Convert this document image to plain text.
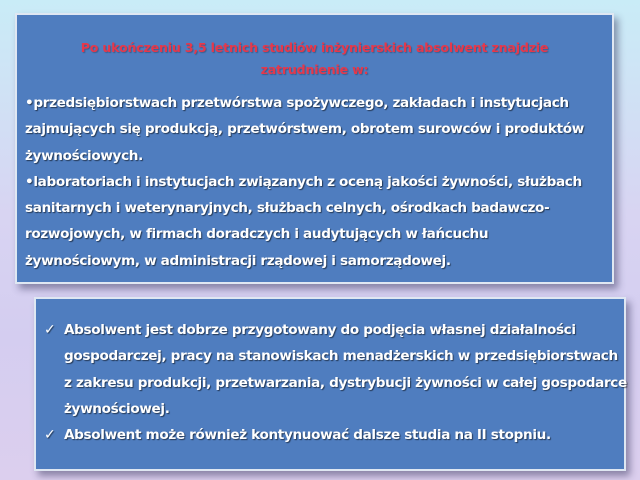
Po ukończeniu 3,5 letnich studiów inżynierskich absolwent znajdzie
zatrudnienie w:
•przedsiębiorstwach przetwórstwa spożywczego, zakładach i instytucjach
zajmujących się produkcją, przetwórstwem, obrotem surowców i produktów
żywnościowych.
•laboratoriach i instytucjach związanych z oceną jakości żywności, służbach
sanitarnych i weterynaryjnych, służbach celnych, ośrodkach badawczo-
rozwojowych, w firmach doradczych i audytujących w łańcuchu
żywnościowym, w administracji rządowej i samorządowej.
✓ Absolwent jest dobrze przygotowany do podjęcia własnej działalności
gospodarczej, pracy na stanowiskach menadżerskich w przedsiębiorstwach
z zakresu produkcji, przetwarzania, dystrybucji żywności w całej gospodarce
żywnościowej.
✓ Absolwent może również kontynuować dalsze studia na II stopniu.
